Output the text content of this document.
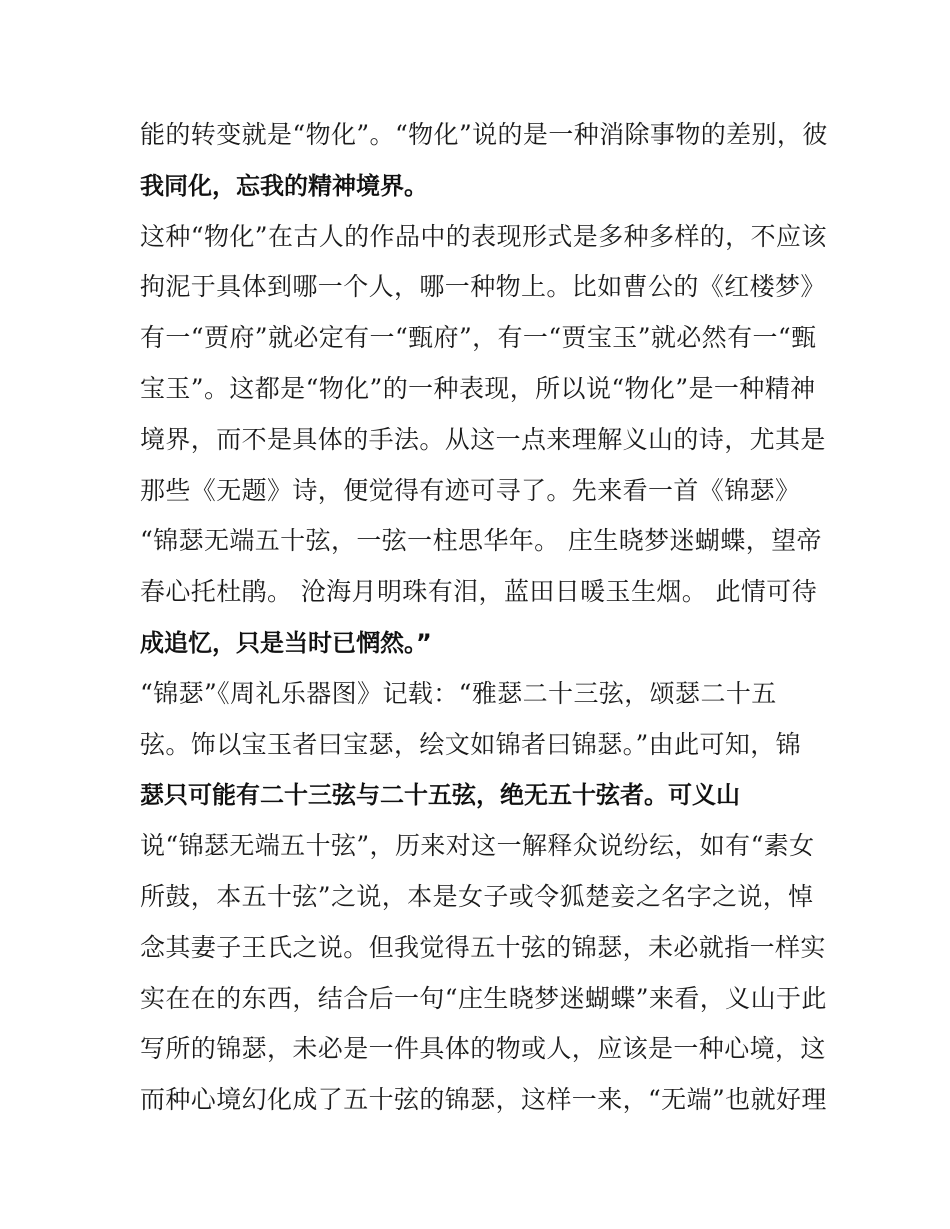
能的转变就是“物化”。“物化”说的是一种消除事物的差别，彼
我同化，忘我的精神境界。
这种“物化”在古人的作品中的表现形式是多种多样的，不应该
拘泥于具体到哪一个人，哪一种物上。比如曹公的《红楼梦》
有一“贾府”就必定有一“甄府”，有一“贾宝玉”就必然有一“甄
宝玉”。这都是“物化”的一种表现，所以说“物化”是一种精神
境界，而不是具体的手法。从这一点来理解义山的诗，尤其是
那些《无题》诗，便觉得有迹可寻了。先来看一首《锦瑟》
“锦瑟无端五十弦，一弦一柱思华年。 庄生晓梦迷蝴蝶，望帝
春心托杜鹃。 沧海月明珠有泪，蓝田日暖玉生烟。 此情可待
成追忆，只是当时已惘然。”
“锦瑟”《周礼乐器图》记载：“雅瑟二十三弦，颂瑟二十五
弦。饰以宝玉者曰宝瑟，绘文如锦者曰锦瑟。”由此可知，锦
瑟只可能有二十三弦与二十五弦，绝无五十弦者。可义山
说“锦瑟无端五十弦”，历来对这一解释众说纷纭，如有“素女
所鼓，本五十弦”之说，本是女子或令狐楚妾之名字之说，悼
念其妻子王氏之说。但我觉得五十弦的锦瑟，未必就指一样实
实在在的东西，结合后一句“庄生晓梦迷蝴蝶”来看，义山于此
写所的锦瑟，未必是一件具体的物或人，应该是一种心境，这
而种心境幻化成了五十弦的锦瑟，这样一来，“无端”也就好理
